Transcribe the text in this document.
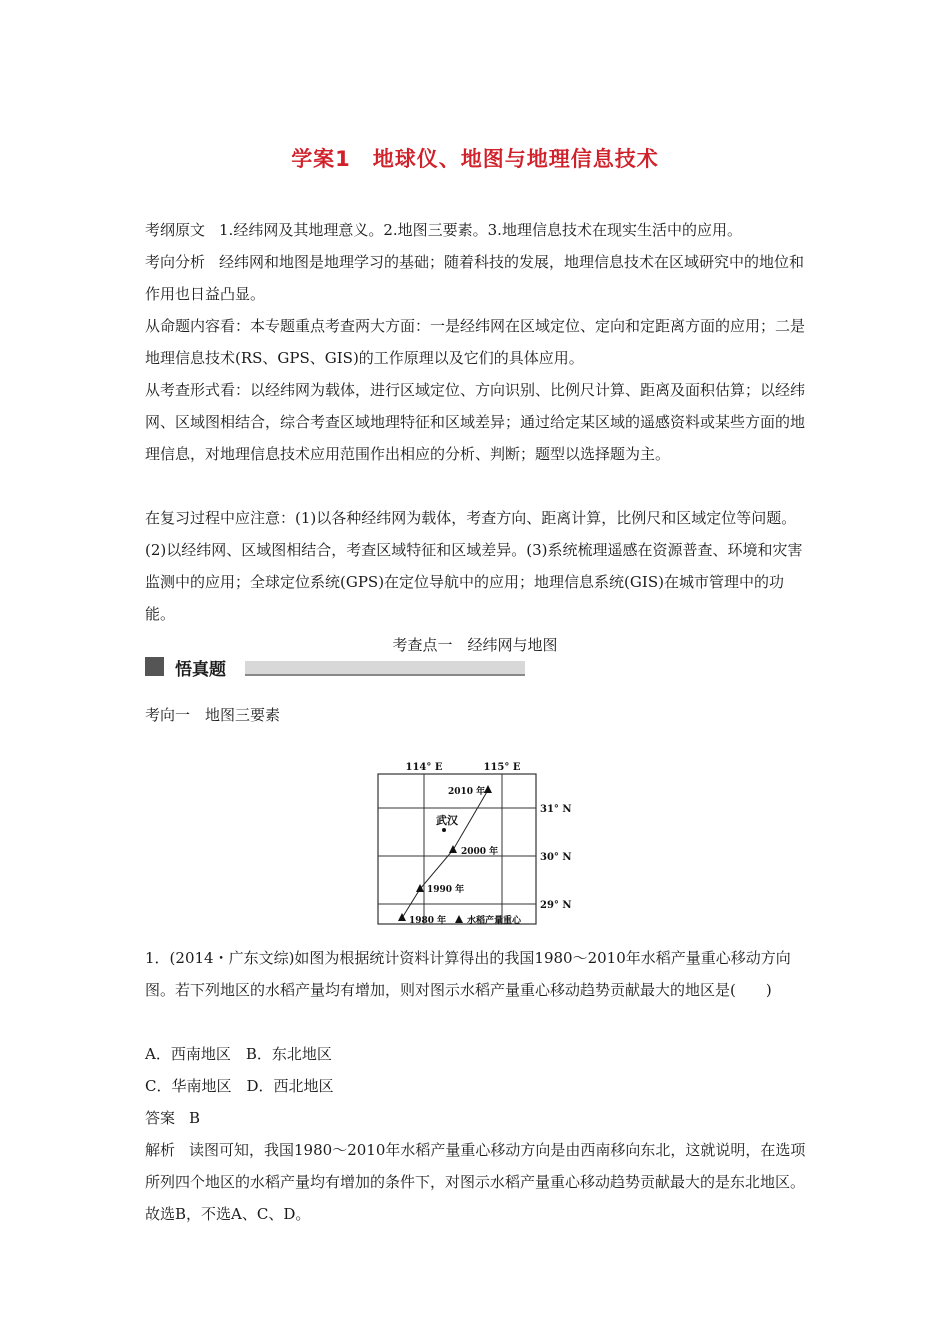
学案1　地球仪、地图与地理信息技术

考纲原文 1.经纬网及其地理意义。2.地图三要素。3.地理信息技术在现实生活中的应用。

考向分析 经纬网和地图是地理学习的基础；随着科技的发展，地理信息技术在区域研究中的地位和作用也日益凸显。

从命题内容看：本专题重点考查两大方面：一是经纬网在区域定位、定向和定距离方面的应用；二是地理信息技术(RS、GPS、GIS)的工作原理以及它们的具体应用。

从考查形式看：以经纬网为载体，进行区域定位、方向识别、比例尺计算、距离及面积估算；以经纬网、区域图相结合，综合考查区域地理特征和区域差异；通过给定某区域的遥感资料或某些方面的地理信息，对地理信息技术应用范围作出相应的分析、判断；题型以选择题为主。

在复习过程中应注意：(1)以各种经纬网为载体，考查方向、距离计算，比例尺和区域定位等问题。(2)以经纬网、区域图相结合，考查区域特征和区域差异。(3)系统梳理遥感在资源普查、环境和灾害监测中的应用；全球定位系统(GPS)在定位导航中的应用；地理信息系统(GIS)在城市管理中的功能。

考查点一　经纬网与地图
悟真题
考向一　地图三要素
114° E	115° E
31° N
30° N
29° N
2010 年
2000 年
1990 年
1980 年
武汉
水稻产量重心

1．(2014・广东文综)如图为根据统计资料计算得出的我国1980～2010年水稻产量重心移动方向图。若下列地区的水稻产量均有增加，则对图示水稻产量重心移动趋势贡献最大的地区是(　　)

A．西南地区　B．东北地区
C．华南地区　D．西北地区
答案 B

解析 读图可知，我国1980～2010年水稻产量重心移动方向是由西南移向东北，这就说明，在选项所列四个地区的水稻产量均有增加的条件下，对图示水稻产量重心移动趋势贡献最大的是东北地区。故选B，不选A、C、D。
